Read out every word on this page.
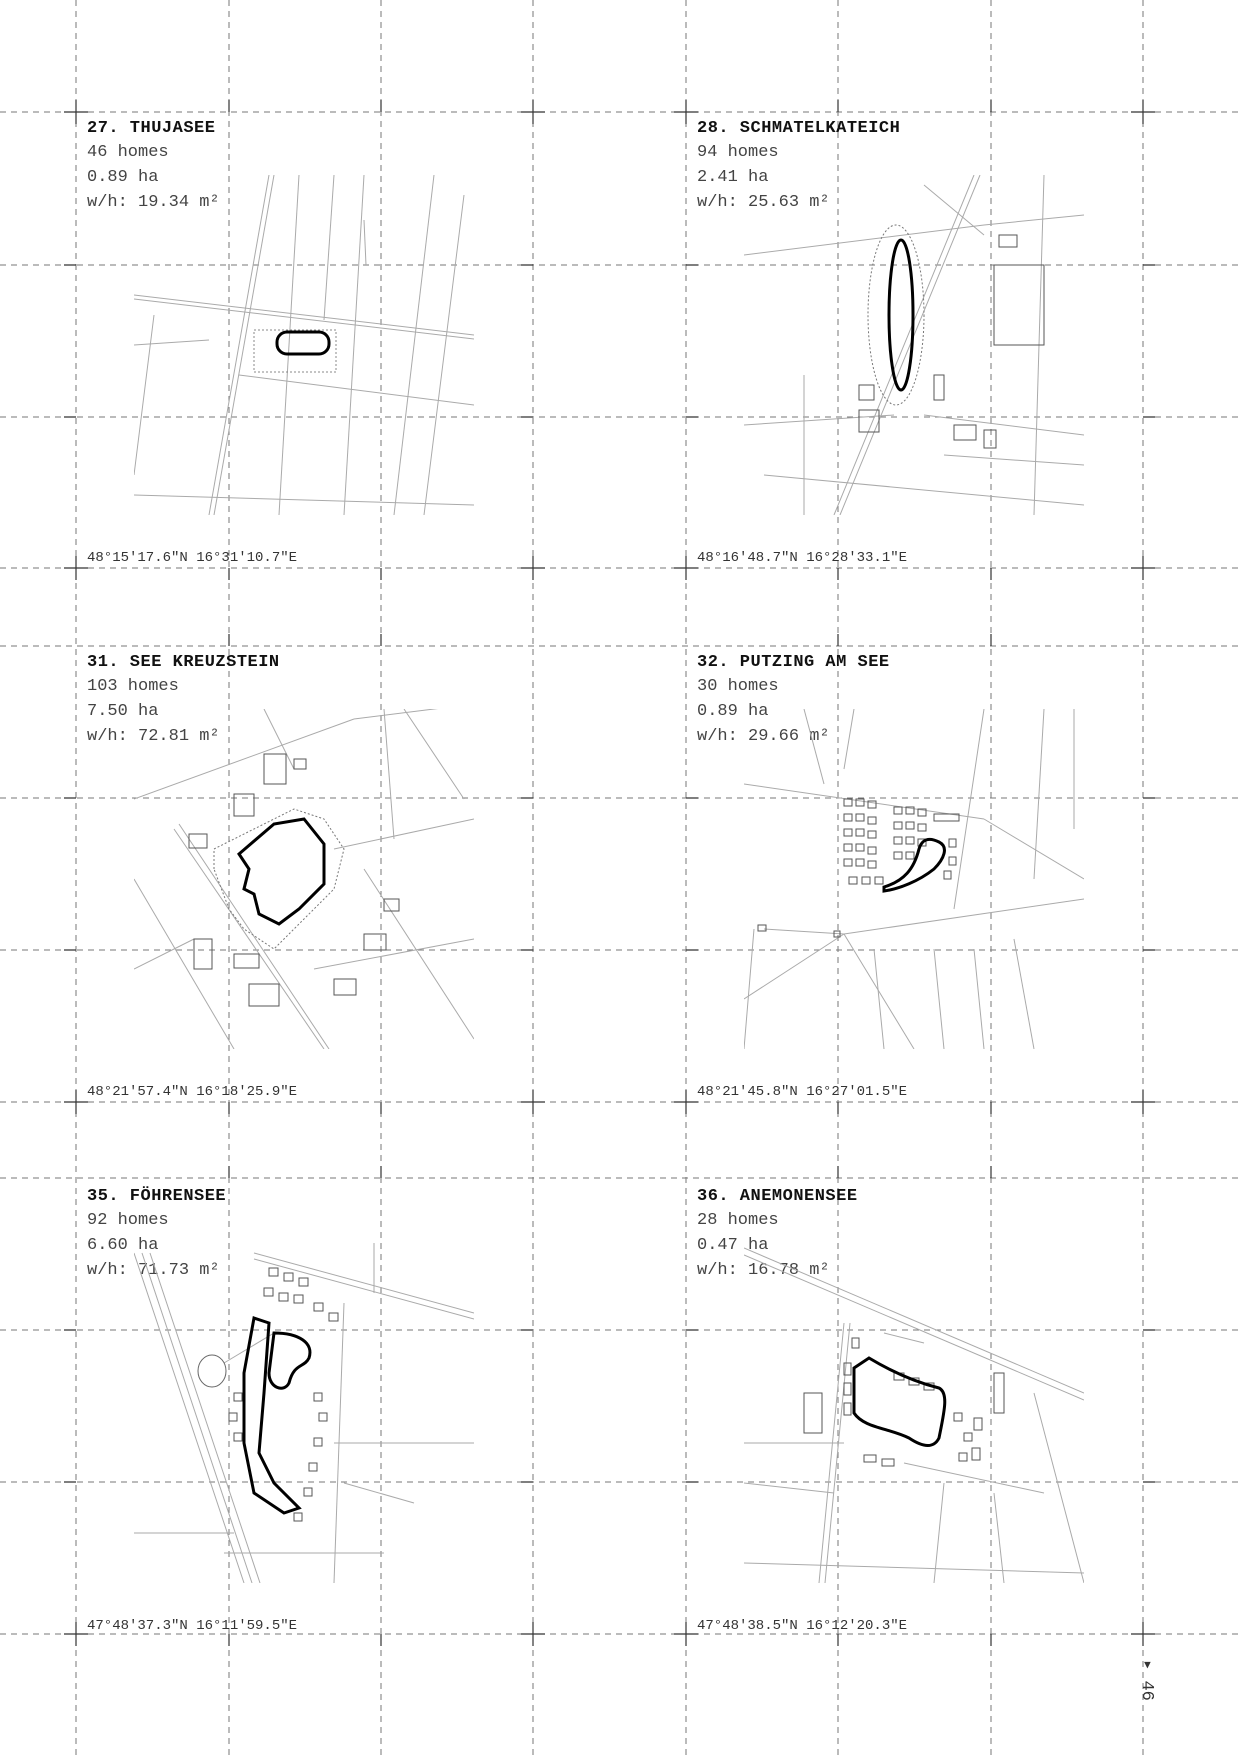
27. THUJASEE
46 homes
0.89 ha
w/h: 19.34 m²
48°15'17.6"N 16°31'10.7"E
28. SCHMATELKATEICH
94 homes
2.41 ha
w/h: 25.63 m²
48°16'48.7"N 16°28'33.1"E
31. SEE KREUZSTEIN
103 homes
7.50 ha
w/h: 72.81 m²
48°21'57.4"N 16°18'25.9"E
32. PUTZING AM SEE
30 homes
0.89 ha
w/h: 29.66 m²
48°21'45.8"N 16°27'01.5"E
35. FÖHRENSEE
92 homes
6.60 ha
w/h: 71.73 m²
47°48'37.3"N 16°11'59.5"E
36. ANEMONENSEE
28 homes
0.47 ha
w/h: 16.78 m²
47°48'38.5"N 16°12'20.3"E
▸ 46
